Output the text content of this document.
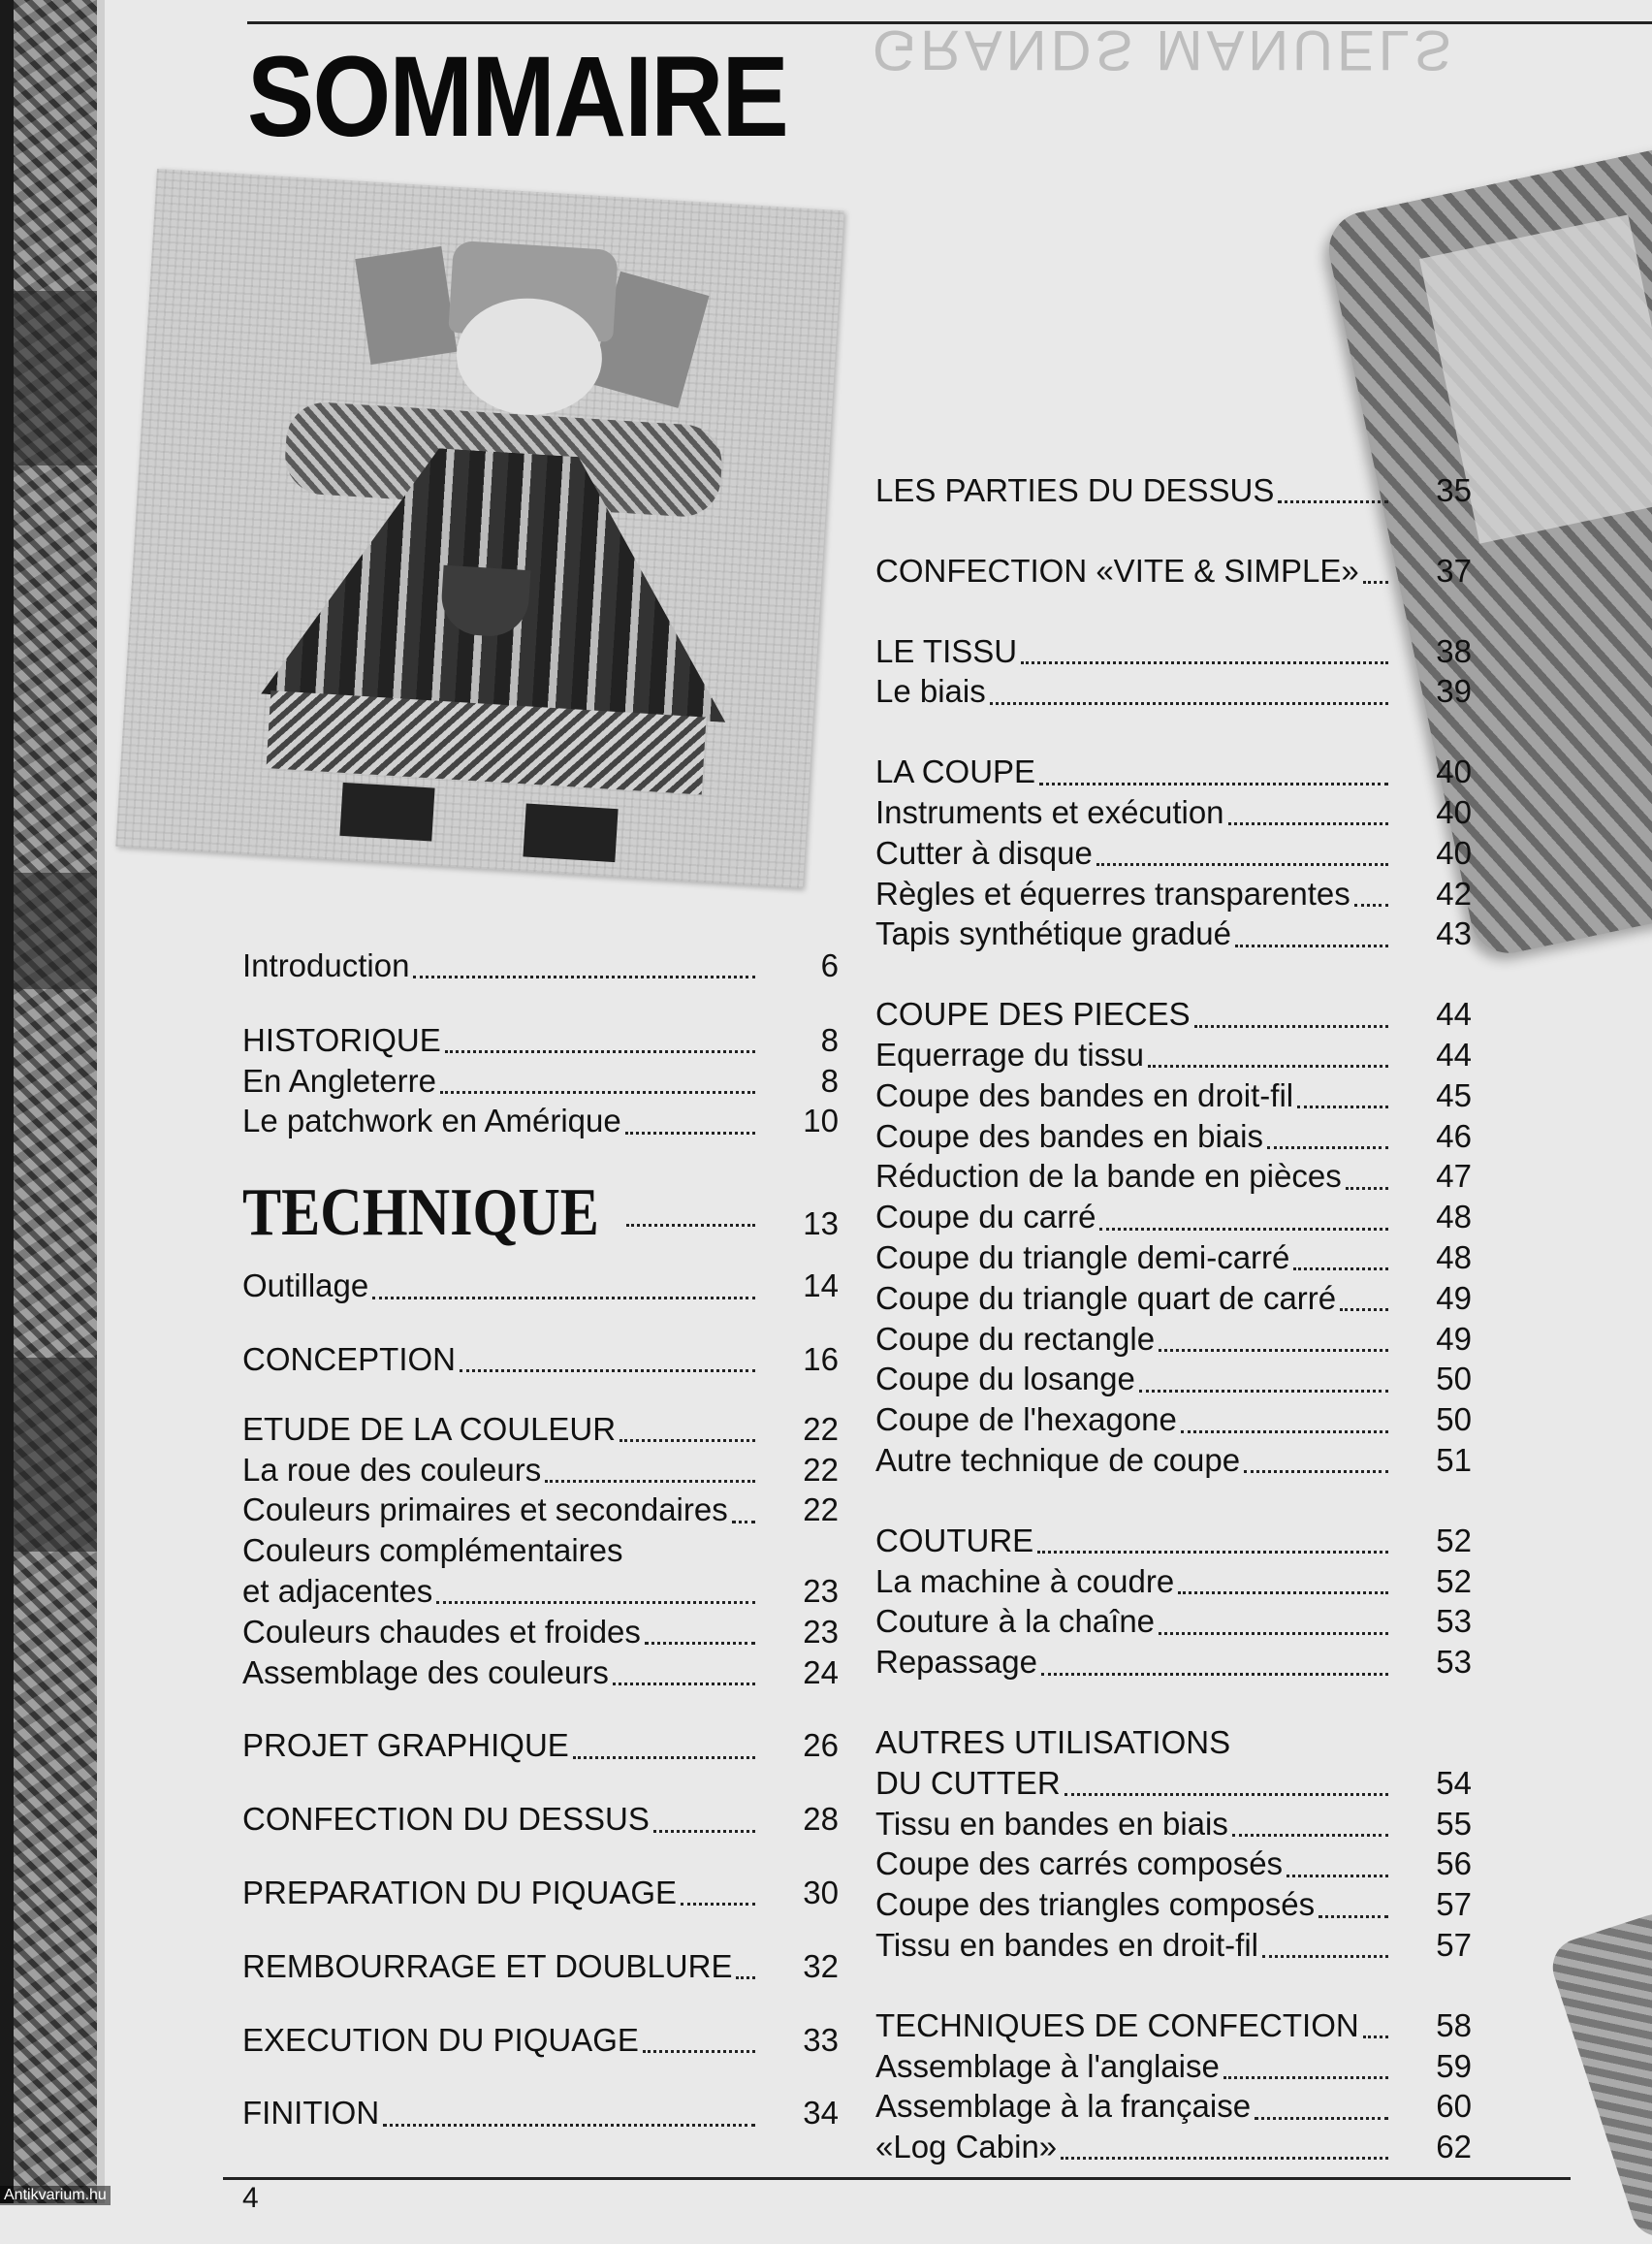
GRANDS MANUELS
SOMMAIRE
Introduction	6
HISTORIQUE	8
En Angleterre	8
Le patchwork en Amérique	10
TECHNIQUE	13
Outillage	14
CONCEPTION	16
ETUDE DE LA COULEUR	22
La roue des couleurs	22
Couleurs primaires et secondaires	22
Couleurs complémentaires
et adjacentes	23
Couleurs chaudes et froides	23
Assemblage des couleurs	24
PROJET GRAPHIQUE	26
CONFECTION DU DESSUS	28
PREPARATION DU PIQUAGE	30
REMBOURRAGE ET DOUBLURE	32
EXECUTION DU PIQUAGE	33
FINITION	34
LES PARTIES DU DESSUS	35
CONFECTION «VITE & SIMPLE»	37
LE TISSU	38
Le biais	39
LA COUPE	40
Instruments et exécution	40
Cutter à disque	40
Règles et équerres transparentes	42
Tapis synthétique gradué	43
COUPE DES PIECES	44
Equerrage du tissu	44
Coupe des bandes en droit-fil	45
Coupe des bandes en biais	46
Réduction de la bande en pièces	47
Coupe du carré	48
Coupe du triangle demi-carré	48
Coupe du triangle quart de carré	49
Coupe du rectangle	49
Coupe du losange	50
Coupe de l'hexagone	50
Autre technique de coupe	51
COUTURE	52
La machine à coudre	52
Couture à la chaîne	53
Repassage	53
AUTRES UTILISATIONS
DU CUTTER	54
Tissu en bandes en biais	55
Coupe des carrés composés	56
Coupe des triangles composés	57
Tissu en bandes en droit-fil	57
TECHNIQUES DE CONFECTION	58
Assemblage à l'anglaise	59
Assemblage à la française	60
«Log Cabin»	62
4
Antikvarium.hu
